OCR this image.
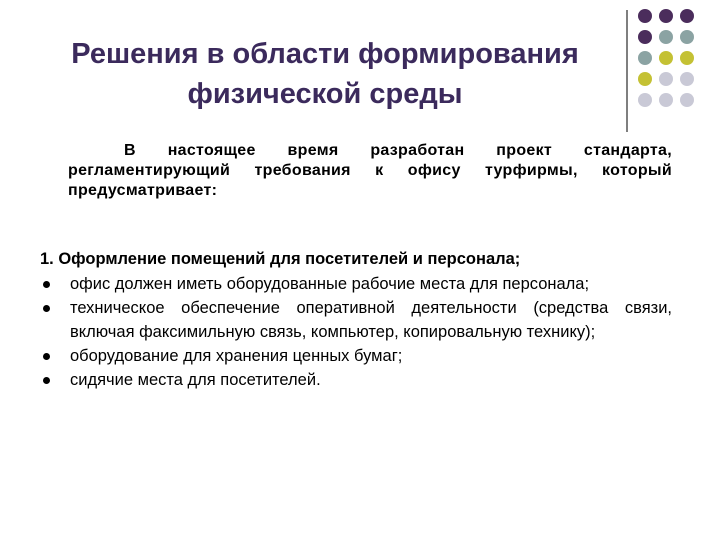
Решения в области формирования
физической среды
В настоящее время разработан проект стандарта, регламентирующий требования к офису турфирмы, который предусматривает:
1. Оформление помещений для посетителей и персонала;
офис должен иметь оборудованные рабочие места для персонала;
техническое обеспечение оперативной деятельности (средства связи, включая факсимильную связь, компьютер, копировальную технику);
оборудование для хранения ценных бумаг;
сидячие места для посетителей.
